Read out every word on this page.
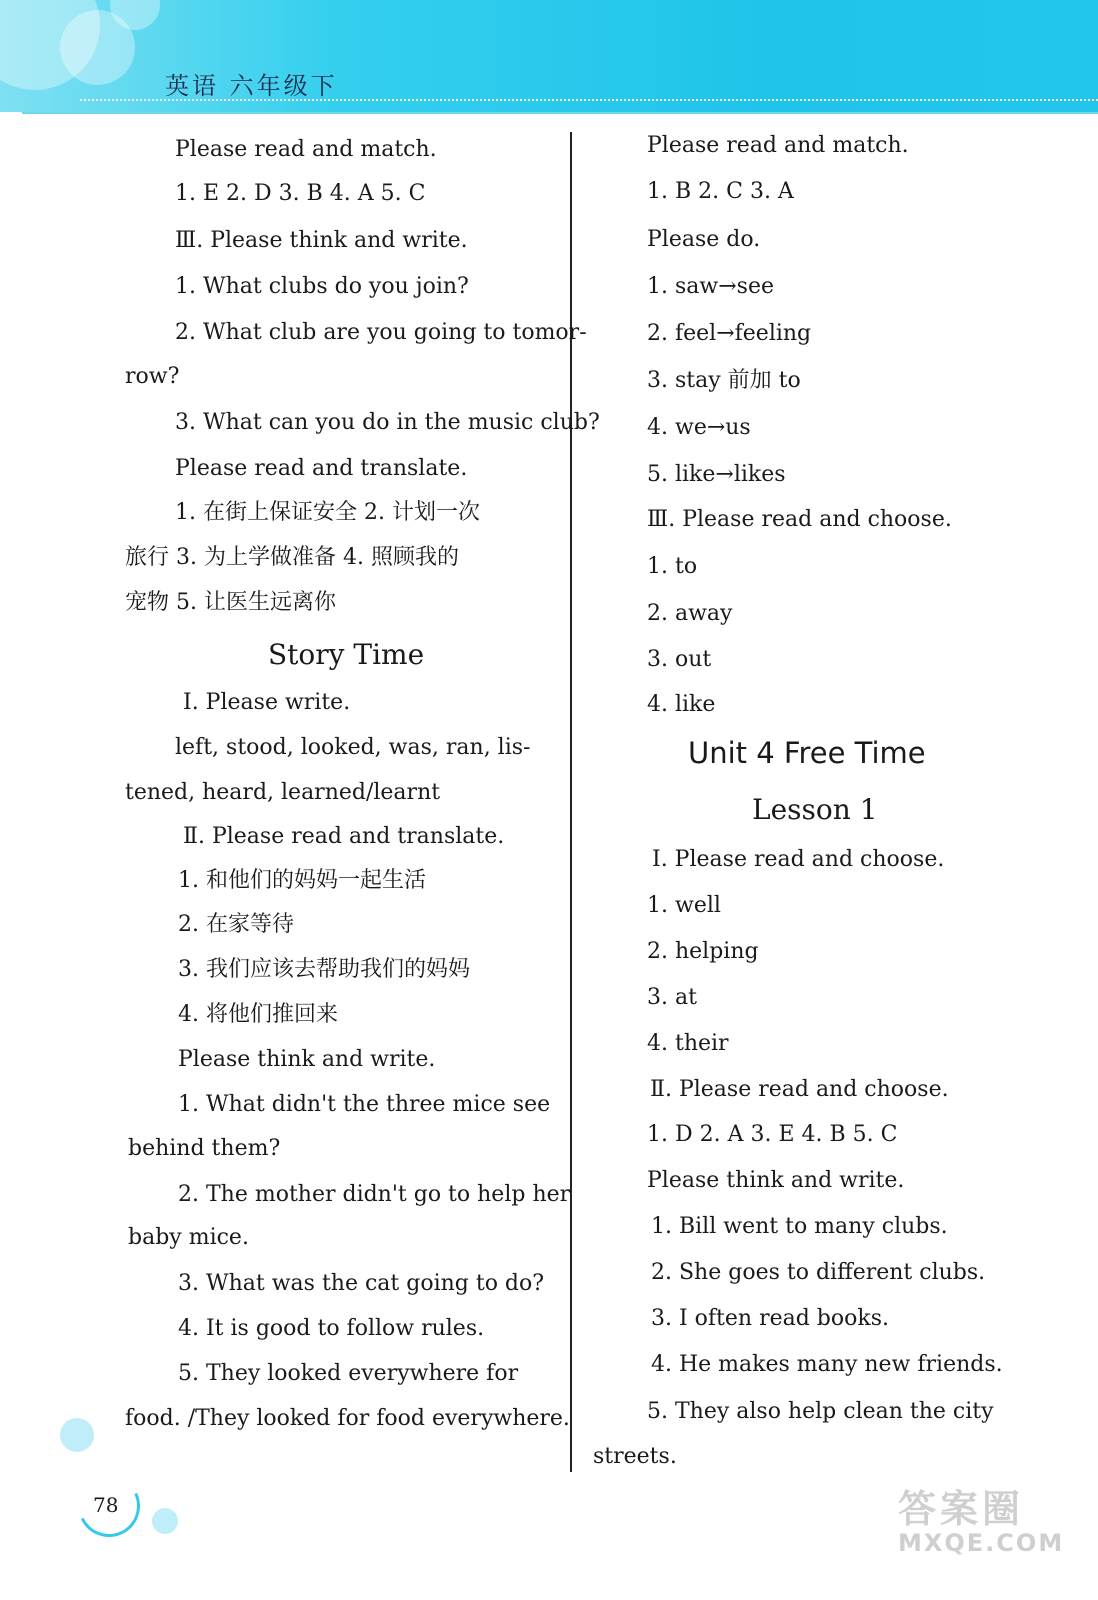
英语 六年级下
Please read and match.
1. E 2. D 3. B 4. A 5. C
Ⅲ. Please think and write.
1. What clubs do you join?
2. What club are you going to tomor-
row?
3. What can you do in the music club?
Please read and translate.
1. 在街上保证安全 2. 计划一次
旅行 3. 为上学做准备 4. 照顾我的
宠物 5. 让医生远离你
Story Time
Ⅰ. Please write.
left, stood, looked, was, ran, lis-
tened, heard, learned/learnt
Ⅱ. Please read and translate.
1. 和他们的妈妈一起生活
2. 在家等待
3. 我们应该去帮助我们的妈妈
4. 将他们推回来
Please think and write.
1. What didn't the three mice see
behind them?
2. The mother didn't go to help her
baby mice.
3. What was the cat going to do?
4. It is good to follow rules.
5. They looked everywhere for
food. /They looked for food everywhere.
Please read and match.
1. B 2. C 3. A
Please do.
1. saw→see
2. feel→feeling
3. stay 前加 to
4. we→us
5. like→likes
Ⅲ. Please read and choose.
1. to
2. away
3. out
4. like
Unit 4 Free Time
Lesson 1
Ⅰ. Please read and choose.
1. well
2. helping
3. at
4. their
Ⅱ. Please read and choose.
1. D 2. A 3. E 4. B 5. C
Please think and write.
1. Bill went to many clubs.
2. She goes to different clubs.
3. I often read books.
4. He makes many new friends.
5. They also help clean the city
streets.
78	答案圈
MXQE.COM
